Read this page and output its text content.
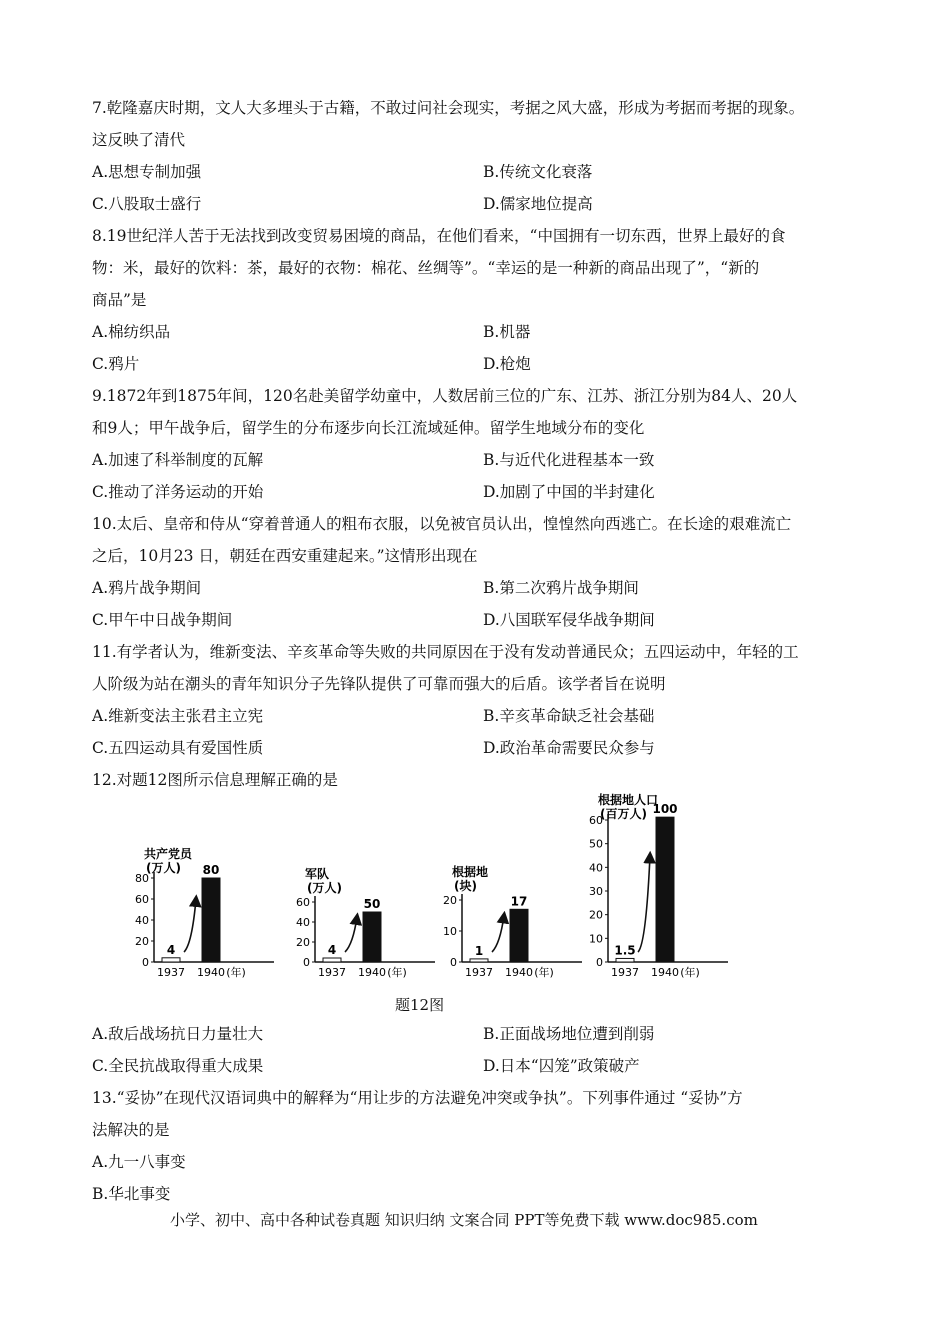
7.乾隆嘉庆时期，文人大多埋头于古籍，不敢过问社会现实，考据之风大盛，形成为考据而考据的现象。
这反映了清代
A.思想专制加强	B.传统文化衰落
C.八股取士盛行	D.儒家地位提高
8.19世纪洋人苦于无法找到改变贸易困境的商品，在他们看来，“中国拥有一切东西，世界上最好的食
物：米，最好的饮料：茶，最好的衣物：棉花、丝绸等”。“幸运的是一种新的商品出现了”，“新的
商品”是
A.棉纺织品	B.机器
C.鸦片	D.枪炮
9.1872年到1875年间，120名赴美留学幼童中，人数居前三位的广东、江苏、浙江分别为84人、20人
和9人；甲午战争后，留学生的分布逐步向长江流域延伸。留学生地域分布的变化
A.加速了科举制度的瓦解	B.与近代化进程基本一致
C.推动了洋务运动的开始	D.加剧了中国的半封建化
10.太后、皇帝和侍从“穿着普通人的粗布衣服，以免被官员认出，惶惶然向西逃亡。在长途的艰难流亡
之后，10月23 日，朝廷在西安重建起来。”这情形出现在
A.鸦片战争期间	B.第二次鸦片战争期间
C.甲午中日战争期间	D.八国联军侵华战争期间
11.有学者认为，维新变法、辛亥革命等失败的共同原因在于没有发动普通民众；五四运动中，年轻的工
人阶级为站在潮头的青年知识分子先锋队提供了可靠而强大的后盾。该学者旨在说明
A.维新变法主张君主立宪	B.辛亥革命缺乏社会基础
C.五四运动具有爱国性质	D.政治革命需要民众参与
12.对题12图所示信息理解正确的是
共产党员
(万人)
0
20
40
60
80
4
1937
80
1940 (年)
军队
(万人)
0
20
40
60
4
1937
50
1940 (年)
根据地
(块)
0
10
20
1
1937
17
1940 (年)
根据地人口
(百万人)
0
10
20
30
40
50
60
1.5
1937
100
1940 (年)
题12图
A.敌后战场抗日力量壮大	B.正面战场地位遭到削弱
C.全民抗战取得重大成果	D.日本“囚笼”政策破产
13.“妥协”在现代汉语词典中的解释为“用让步的方法避免冲突或争执”。下列事件通过 “妥协”方
法解决的是
A.九一八事变
B.华北事变
小学、初中、高中各种试卷真题 知识归纳 文案合同 PPT等免费下载 www.doc985.com
